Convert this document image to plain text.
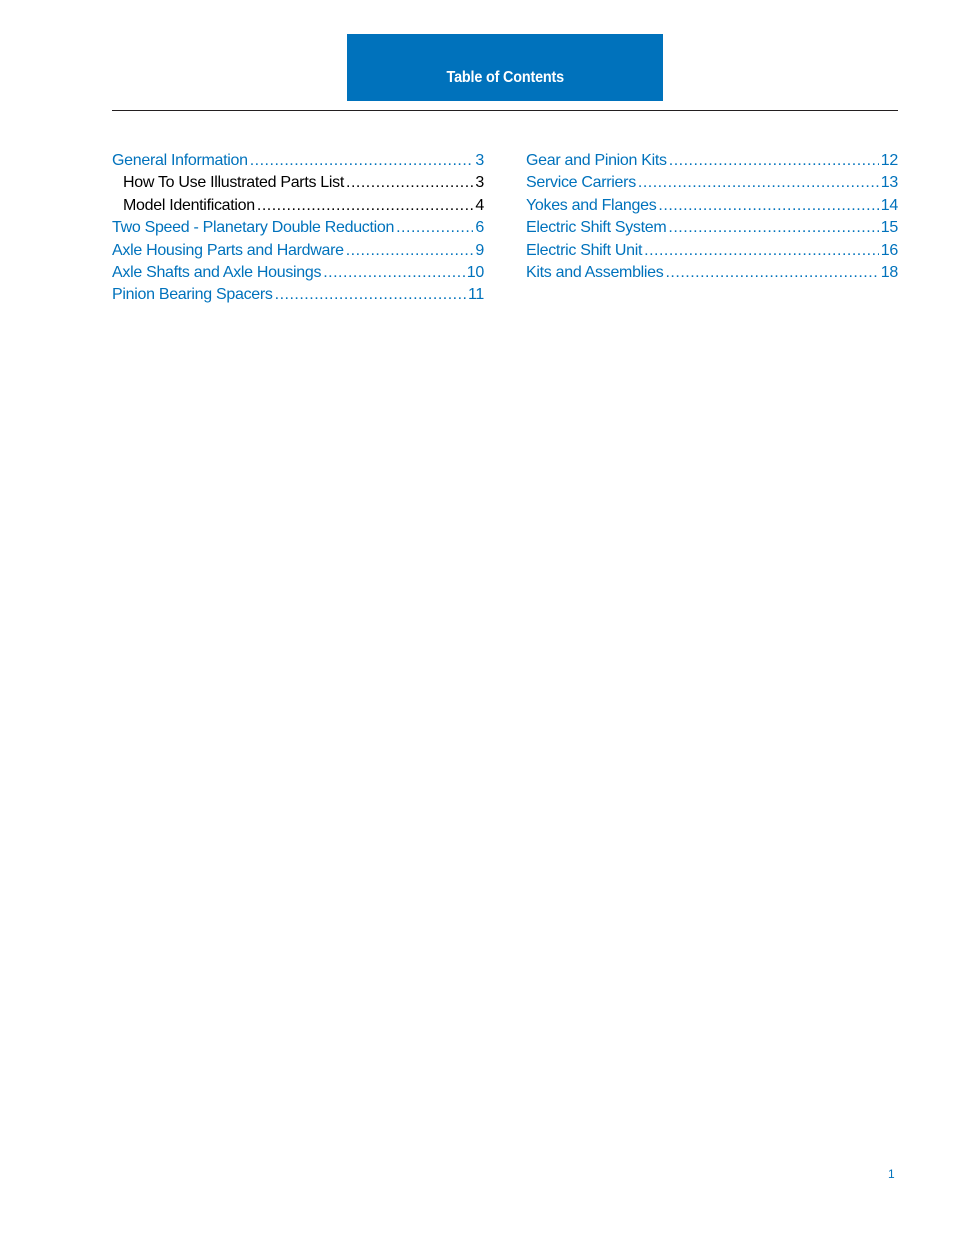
Table of Contents
General Information .....	3
How To Use Illustrated Parts List .....	3
Model Identification .....	4
Two Speed - Planetary Double Reduction .....	6
Axle Housing Parts and Hardware .....	9
Axle Shafts and Axle Housings .....	10
Pinion Bearing Spacers .....	11
Gear and Pinion Kits .....	12
Service Carriers .....	13
Yokes and Flanges .....	14
Electric Shift System .....	15
Electric Shift Unit .....	16
Kits and Assemblies .....	18
1
